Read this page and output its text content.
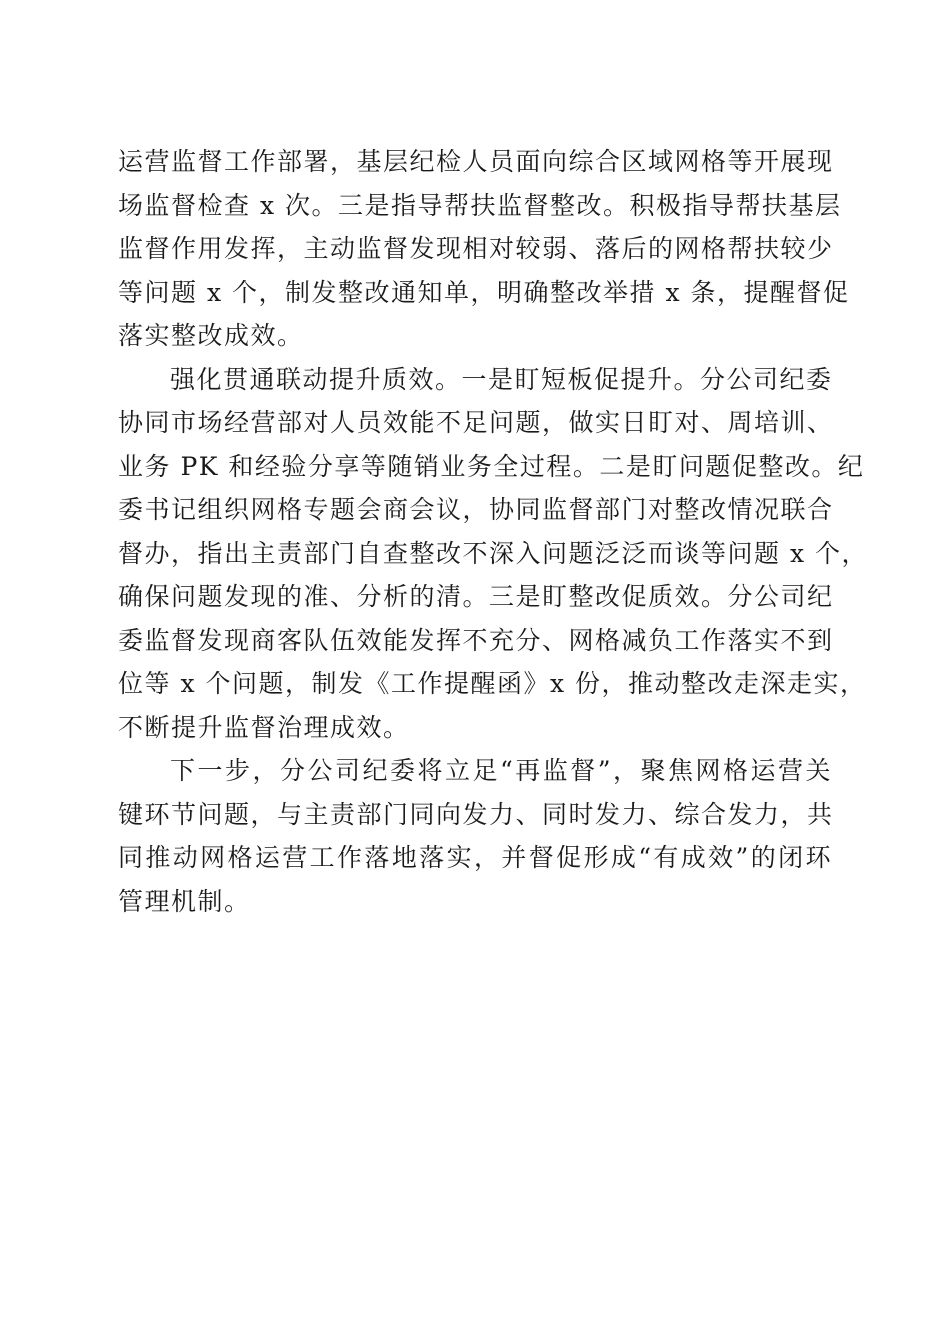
运营监督工作部署，基层纪检人员面向综合区域网格等开展现
场监督检查 x 次。三是指导帮扶监督整改。积极指导帮扶基层
监督作用发挥，主动监督发现相对较弱、落后的网格帮扶较少
等问题 x 个，制发整改通知单，明确整改举措 x 条，提醒督促
落实整改成效。
强化贯通联动提升质效。一是盯短板促提升。分公司纪委
协同市场经营部对人员效能不足问题，做实日盯对、周培训、
业务 PK 和经验分享等随销业务全过程。二是盯问题促整改。纪
委书记组织网格专题会商会议，协同监督部门对整改情况联合
督办，指出主责部门自查整改不深入问题泛泛而谈等问题 x 个，
确保问题发现的准、分析的清。三是盯整改促质效。分公司纪
委监督发现商客队伍效能发挥不充分、网格减负工作落实不到
位等 x 个问题，制发《工作提醒函》x 份，推动整改走深走实，
不断提升监督治理成效。
下一步，分公司纪委将立足“再监督”，聚焦网格运营关
键环节问题，与主责部门同向发力、同时发力、综合发力，共
同推动网格运营工作落地落实，并督促形成“有成效”的闭环
管理机制。
